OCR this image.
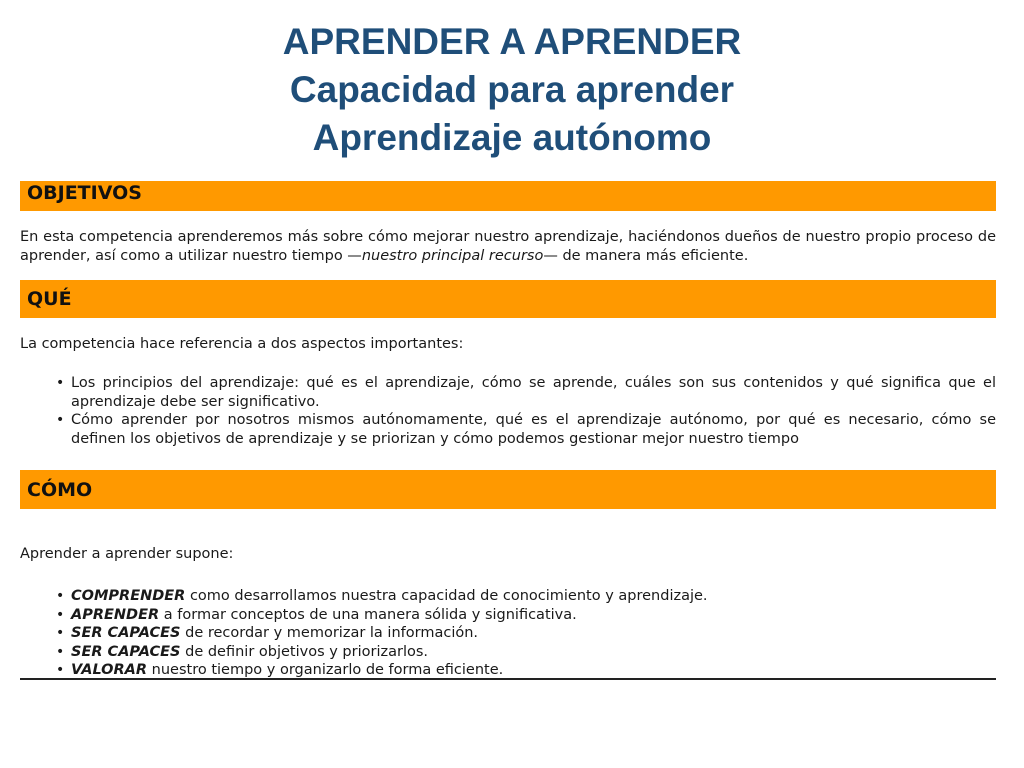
APRENDER A APRENDER
Capacidad para aprender
Aprendizaje autónomo
OBJETIVOS
En esta competencia aprenderemos más sobre cómo mejorar nuestro aprendizaje, haciéndonos dueños de nuestro propio proceso de aprender, así como a utilizar nuestro tiempo —nuestro principal recurso— de manera más eficiente.
QUÉ
La competencia hace referencia a dos aspectos importantes:
• Los principios del aprendizaje: qué es el aprendizaje, cómo se aprende, cuáles son sus contenidos y qué significa que el aprendizaje debe ser significativo.
• Cómo aprender por nosotros mismos autónomamente, qué es el aprendizaje autónomo, por qué es necesario, cómo se definen los objetivos de aprendizaje y se priorizan y cómo podemos gestionar mejor nuestro tiempo
CÓMO
Aprender a aprender supone:
• COMPRENDER como desarrollamos nuestra capacidad de conocimiento y aprendizaje.
• APRENDER a formar conceptos de una manera sólida y significativa.
• SER CAPACES de recordar y memorizar la información.
• SER CAPACES de definir objetivos y priorizarlos.
• VALORAR nuestro tiempo y organizarlo de forma eficiente.
